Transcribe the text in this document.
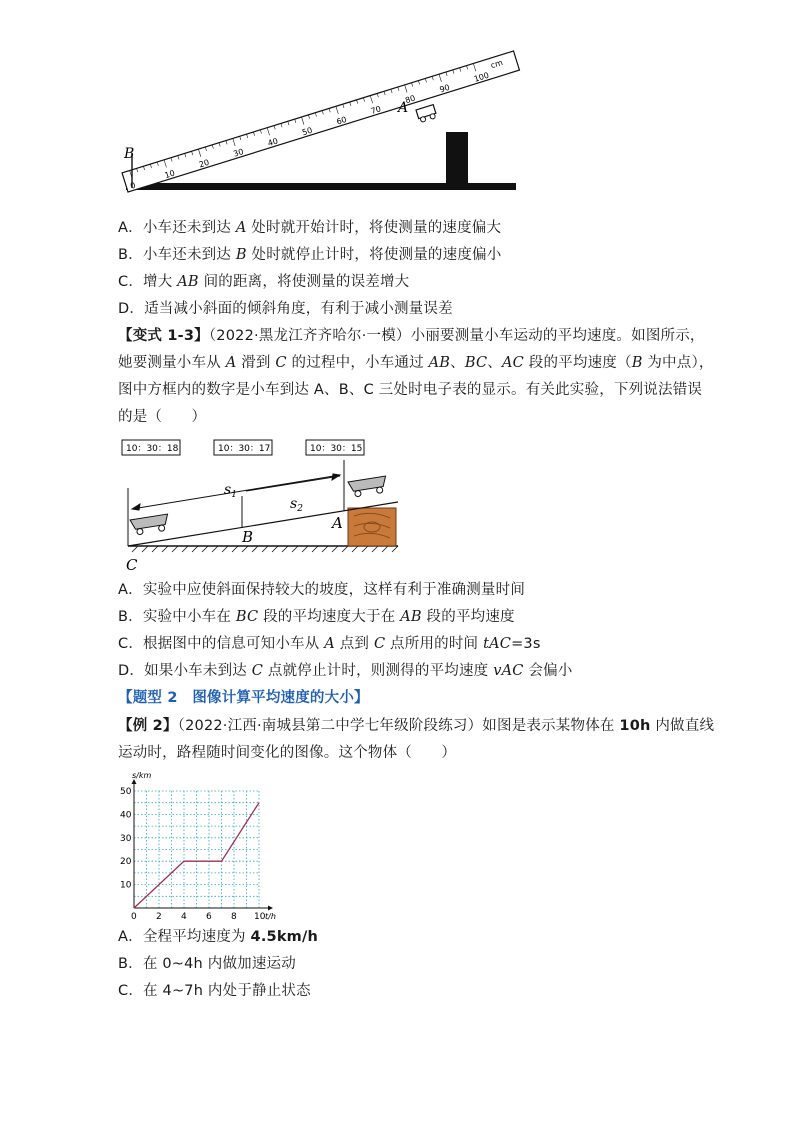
0
10
20
30
40
50
60
70
80
90
100
cm
B
A
A．小车还未到达 A 处时就开始计时，将使测量的速度偏大
B．小车还未到达 B 处时就停止计时，将使测量的速度偏小
C．增大 AB 间的距离，将使测量的误差增大
D．适当减小斜面的倾斜角度，有利于减小测量误差
【变式 1-3】（2022·黑龙江齐齐哈尔·一模）小丽要测量小车运动的平均速度。如图所示，
她要测量小车从 A 滑到 C 的过程中，小车通过 AB、BC、AC 段的平均速度（B 为中点），
图中方框内的数字是小车到达 A、B、C 三处时电子表的显示。有关此实验，下列说法错误
的是（　　）
10：30：18	10：30：17	10：30：15
$s_1$
$s_2$
A
B
C
A．实验中应使斜面保持较大的坡度，这样有利于准确测量时间
B．实验中小车在 BC 段的平均速度大于在 AB 段的平均速度
C．根据图中的信息可知小车从 A 点到 C 点所用的时间 tAC=3s
D．如果小车未到达 C 点就停止计时，则测得的平均速度 vAC 会偏小
【题型 2　图像计算平均速度的大小】
【例 2】（2022·江西·南城县第二中学七年级阶段练习）如图是表示某物体在 10h 内做直线
运动时，路程随时间变化的图像。这个物体（　　）
0 2 4 6 8 10
10
20
30
40
50
s/km
t/h
A．全程平均速度为 4.5km/h
B．在 0~4h 内做加速运动
C．在 4~7h 内处于静止状态
